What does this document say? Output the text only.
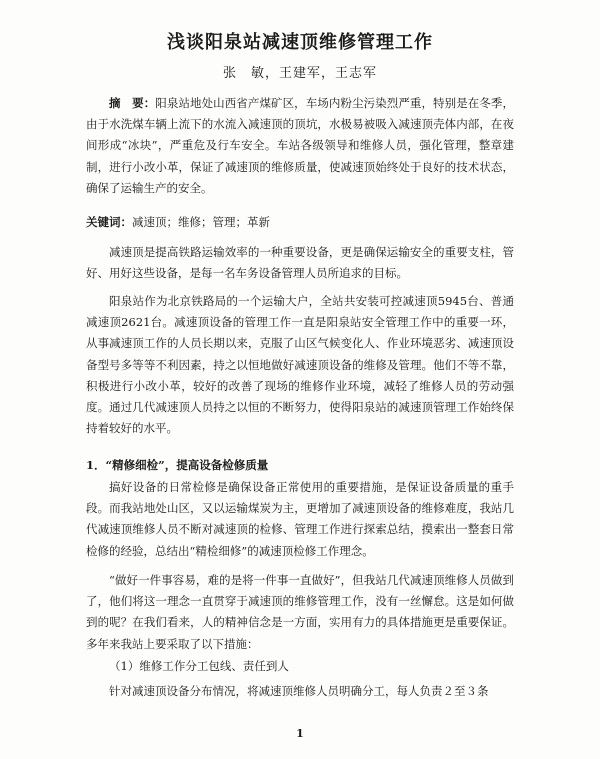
浅谈阳泉站减速顶维修管理工作
张　敏，王建军，王志军

摘　要：阳泉站地处山西省产煤矿区，车场内粉尘污染烈严重，特别是在冬季，由于水洗煤车辆上流下的水流入减速顶的顶坑，水极易被吸入减速顶壳体内部，在夜间形成“冰块”，严重危及行车安全。车站各级领导和维修人员，强化管理，整章建制，进行小改小革，保证了减速顶的维修质量，使减速顶始终处于良好的技术状态，确保了运输生产的安全。

关键词：减速顶；维修；管理；革新

减速顶是提高铁路运输效率的一种重要设备，更是确保运输安全的重要支柱，管好、用好这些设备，是每一名车务设备管理人员所追求的目标。

阳泉站作为北京铁路局的一个运输大户，全站共安装可控减速顶5945台、普通减速顶2621台。减速顶设备的管理工作一直是阳泉站安全管理工作中的重要一环，从事减速顶工作的人员长期以来，克服了山区气候变化人、作业环境恶劣、减速顶设备型号多等等不利因素，持之以恒地做好减速顶设备的维修及管理。他们不等不靠，积极进行小改小革，较好的改善了现场的维修作业环境，减轻了维修人员的劳动强度。通过几代减速顶人员持之以恒的不断努力，使得阳泉站的减速顶管理工作始终保持着较好的水平。

1．“精修细检”，提高设备检修质量

搞好设备的日常检修是确保设备正常使用的重要措施，是保证设备质量的重手段。而我站地处山区，又以运输煤炭为主，更增加了减速顶设备的维修难度，我站几代减速顶维修人员不断对减速顶的检修、管理工作进行探索总结，摸索出一整套日常检修的经验，总结出“精检细修”的减速顶检修工作理念。

“做好一件事容易，难的是将一件事一直做好”，但我站几代减速顶维修人员做到了，他们将这一理念一直贯穿于减速顶的维修管理工作，没有一丝懈怠。这是如何做到的呢？在我们看来，人的精神信念是一方面，实用有力的具体措施更是重要保证。多年来我站上要采取了以下措施：

（1）维修工作分工包线、责任到人

针对减速顶设备分布情况，将减速顶维修人员明确分工，每人负责２至３条

1
